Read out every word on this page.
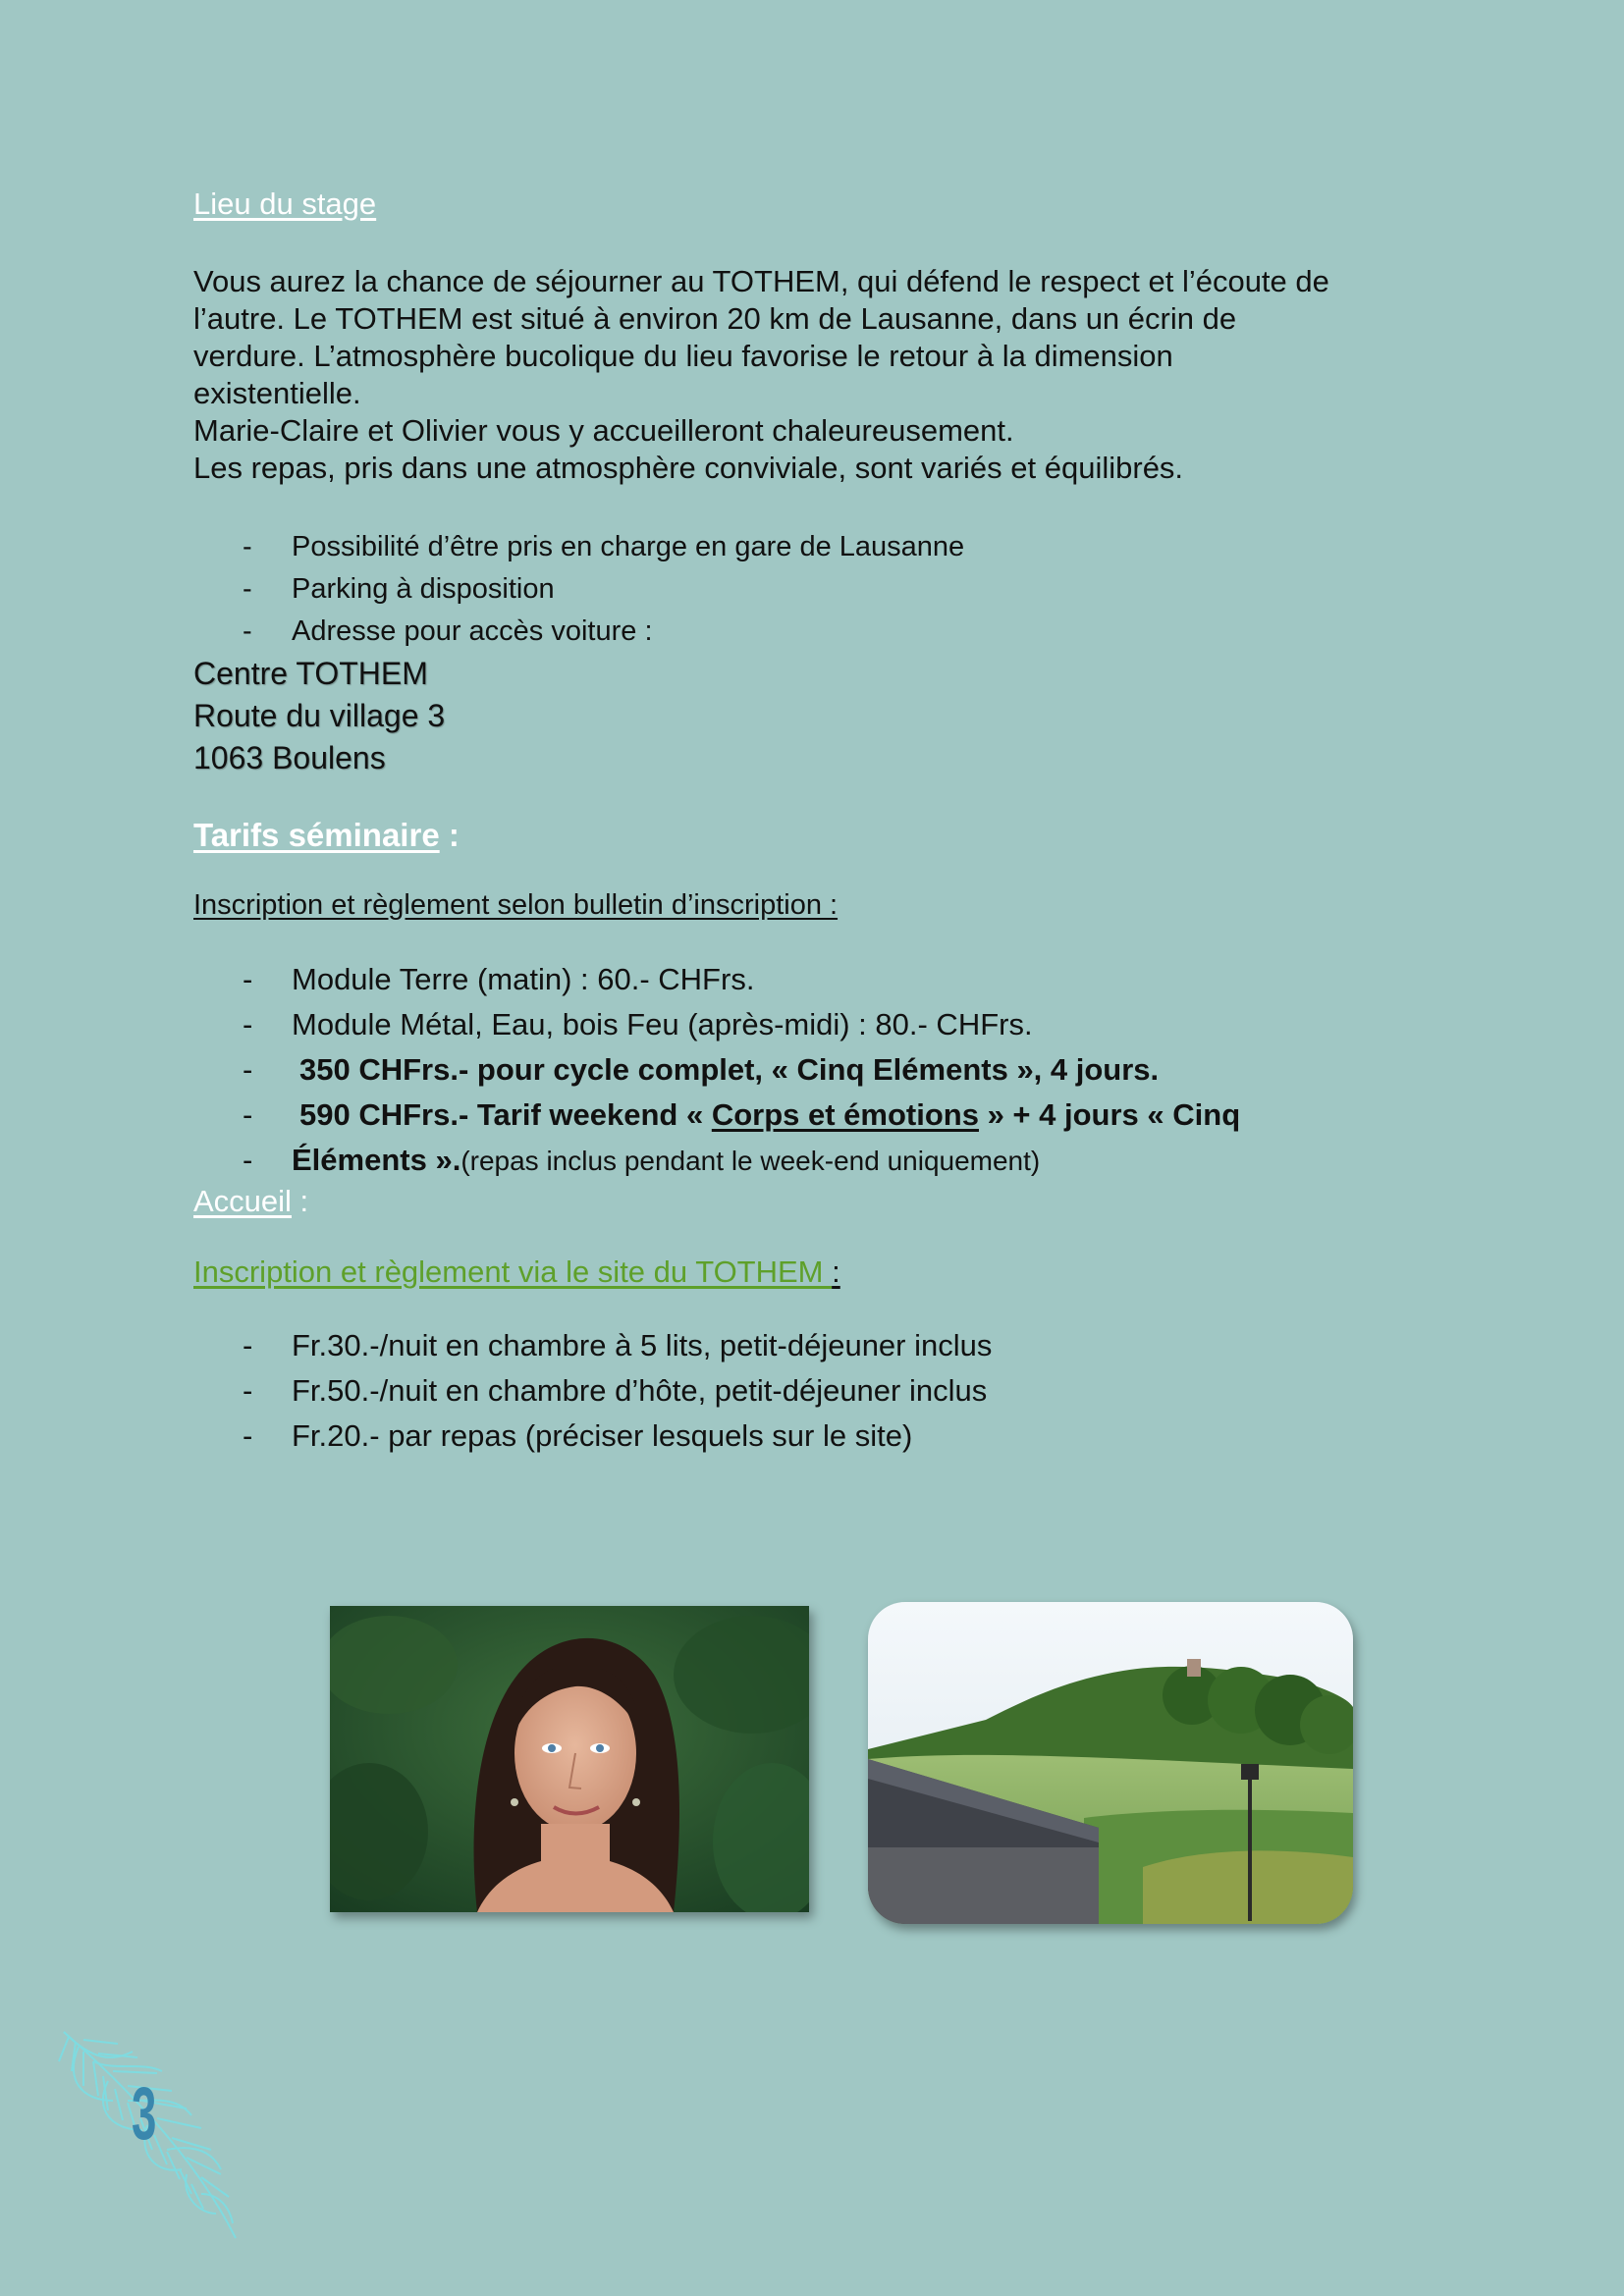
Lieu du stage

Vous aurez la chance de séjourner au TOTHEM, qui défend le respect et l’écoute de

l’autre. Le TOTHEM est situé à environ 20 km de Lausanne, dans un écrin de

verdure. L’atmosphère bucolique du lieu favorise le retour à la dimension

existentielle.

Marie-Claire et Olivier vous y accueilleront chaleureusement.

Les repas, pris dans une atmosphère conviviale, sont variés et équilibrés.

- Possibilité d’être pris en charge en gare de Lausanne
- Parking à disposition
- Adresse pour accès voiture :
Centre TOTHEM
Route du village 3
1063 Boulens
Tarifs séminaire :
Inscription et règlement selon bulletin d’inscription :
- Module Terre (matin) : 60.- CHFrs.
- Module Métal, Eau, bois Feu (après-midi) : 80.- CHFrs.
- 350 CHFrs.- pour cycle complet, « Cinq Eléments », 4 jours.
- 590 CHFrs.- Tarif weekend « Corps et émotions » + 4 jours « Cinq
- Éléments ».(repas inclus pendant le week-end uniquement)
Accueil :
Inscription et règlement via le site du TOTHEM :
- Fr.30.-/nuit en chambre à 5 lits, petit-déjeuner inclus
- Fr.50.-/nuit en chambre d’hôte, petit-déjeuner inclus
- Fr.20.- par repas (préciser lesquels sur le site)
3
